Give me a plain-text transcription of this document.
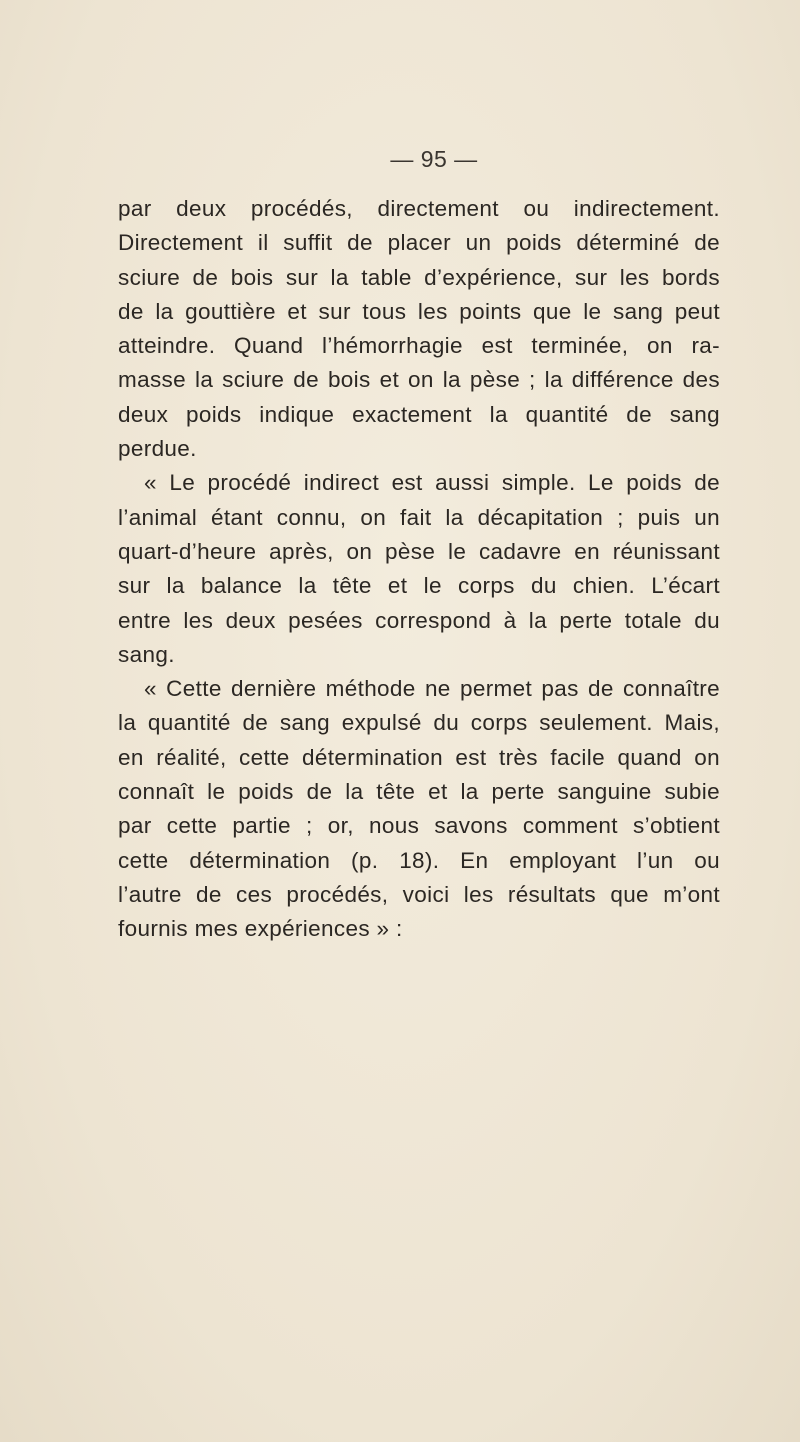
— 95 —
par deux procédés, directement ou indirectement.
Directement il suffit de placer un poids déterminé de
sciure de bois sur la table d’expérience, sur les bords
de la gouttière et sur tous les points que le sang peut
atteindre. Quand l’hémorrhagie est terminée, on ra-
masse la sciure de bois et on la pèse ; la différence des
deux poids indique exactement la quantité de sang
perdue.
« Le procédé indirect est aussi simple. Le poids de
l’animal étant connu, on fait la décapitation ; puis un
quart-d’heure après, on pèse le cadavre en réunissant
sur la balance la tête et le corps du chien. L’écart
entre les deux pesées correspond à la perte totale du
sang.
« Cette dernière méthode ne permet pas de connaître
la quantité de sang expulsé du corps seulement. Mais,
en réalité, cette détermination est très facile quand on
connaît le poids de la tête et la perte sanguine subie
par cette partie ; or, nous savons comment s’obtient
cette détermination (p. 18). En employant l’un ou
l’autre de ces procédés, voici les résultats que m’ont
fournis mes expériences » :
